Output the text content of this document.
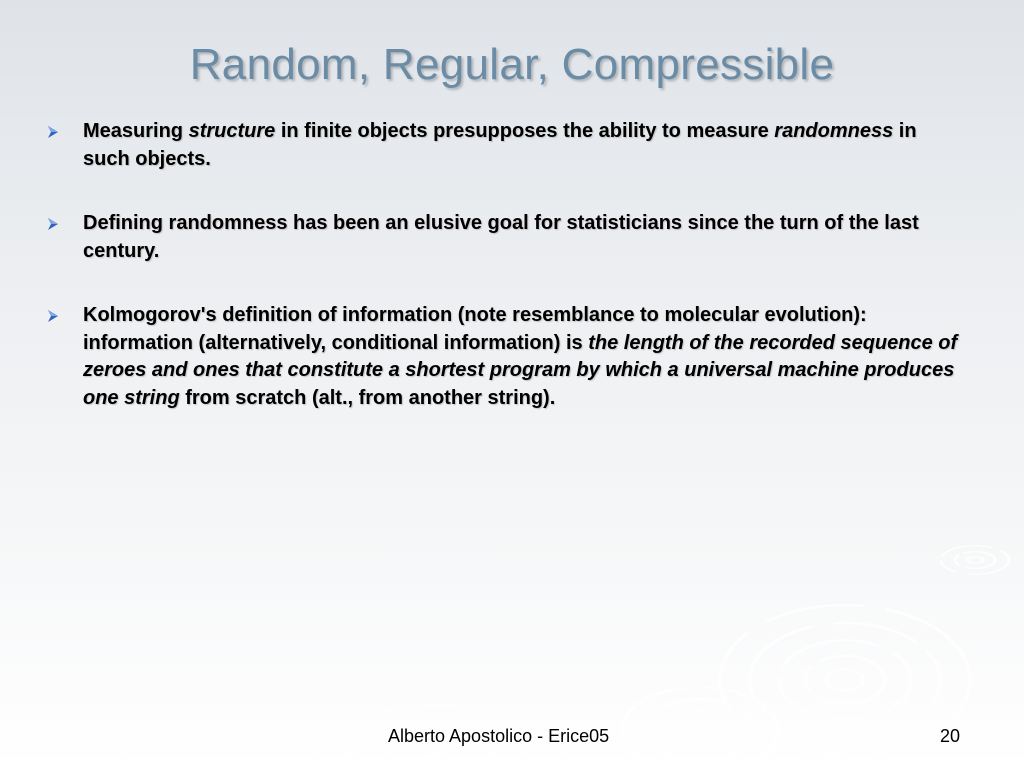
Random, Regular, Compressible
Measuring structure in finite objects presupposes the ability to measure randomness in such objects.
Defining randomness has been an elusive goal for statisticians since the turn of the last century.
Kolmogorov's definition of information (note resemblance to molecular evolution): information (alternatively, conditional information) is the length of the recorded sequence of zeroes and ones that constitute a shortest program by which a universal machine produces one string from scratch (alt., from another string).
Alberto Apostolico - Erice05	20
